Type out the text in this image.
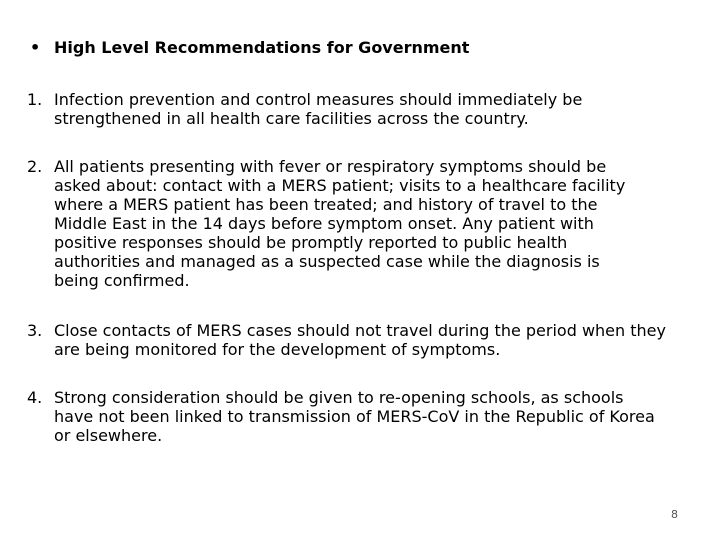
• High Level Recommendations for Government
1. Infection prevention and control measures should immediately be strengthened in all health care facilities across the country.
2. All patients presenting with fever or respiratory symptoms should be asked about: contact with a MERS patient; visits to a healthcare facility where a MERS patient has been treated; and history of travel to the Middle East in the 14 days before symptom onset. Any patient with positive responses should be promptly reported to public health authorities and managed as a suspected case while the diagnosis is being confirmed.
3. Close contacts of MERS cases should not travel during the period when they are being monitored for the development of symptoms.
4. Strong consideration should be given to re-opening schools, as schools have not been linked to transmission of MERS-CoV in the Republic of Korea or elsewhere.
8
